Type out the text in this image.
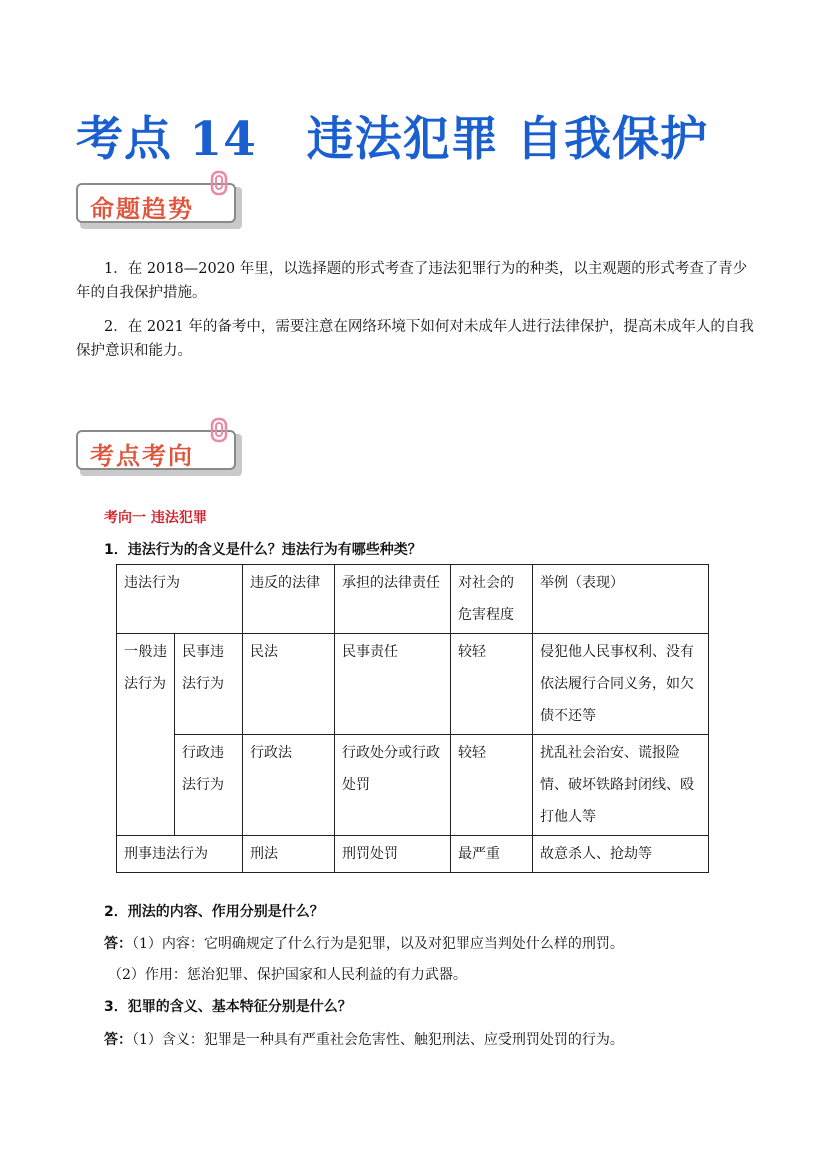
考点 14 违法犯罪 自我保护
命题趋势

1．在 2018—2020 年里，以选择题的形式考查了违法犯罪行为的种类，以主观题的形式考查了青少年的自我保护措施。

2．在 2021 年的备考中，需要注意在网络环境下如何对未成年人进行法律保护，提高未成年人的自我保护意识和能力。

考点考向
考向一 违法犯罪
1．违法行为的含义是什么？违法行为有哪些种类？
违法行为		违反的法律	承担的法律责任	对社会的危害程度	举例（表现）
一般违法行为	民事违法行为	民法	民事责任	较轻	侵犯他人民事权利、没有依法履行合同义务，如欠债不还等
	行政违法行为	行政法	行政处分或行政处罚	较轻	扰乱社会治安、谎报险情、破坏铁路封闭线、殴打他人等
刑事违法行为		刑法	刑罚处罚	最严重	故意杀人、抢劫等
2．刑法的内容、作用分别是什么？
答：（1）内容：它明确规定了什么行为是犯罪，以及对犯罪应当判处什么样的刑罚。
（2）作用：惩治犯罪、保护国家和人民利益的有力武器。
3．犯罪的含义、基本特征分别是什么？
答：（1）含义：犯罪是一种具有严重社会危害性、触犯刑法、应受刑罚处罚的行为。
